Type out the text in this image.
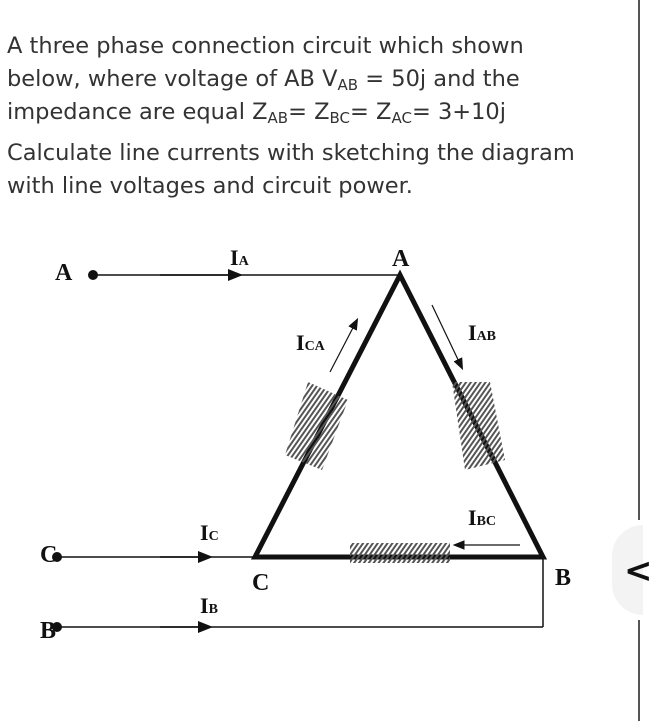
A three phase connection circuit which shown
below, where voltage of AB $V_{AB} = 50j$ and the
impedance are equal $Z_{AB}= Z_{BC}= Z_{AC}= 3+10j$

Calculate line currents with sketching the diagram with line voltages and circuit power.

<
A
C
B
A
B
C
IA
IC
IB
ICA
IAB
IBC
